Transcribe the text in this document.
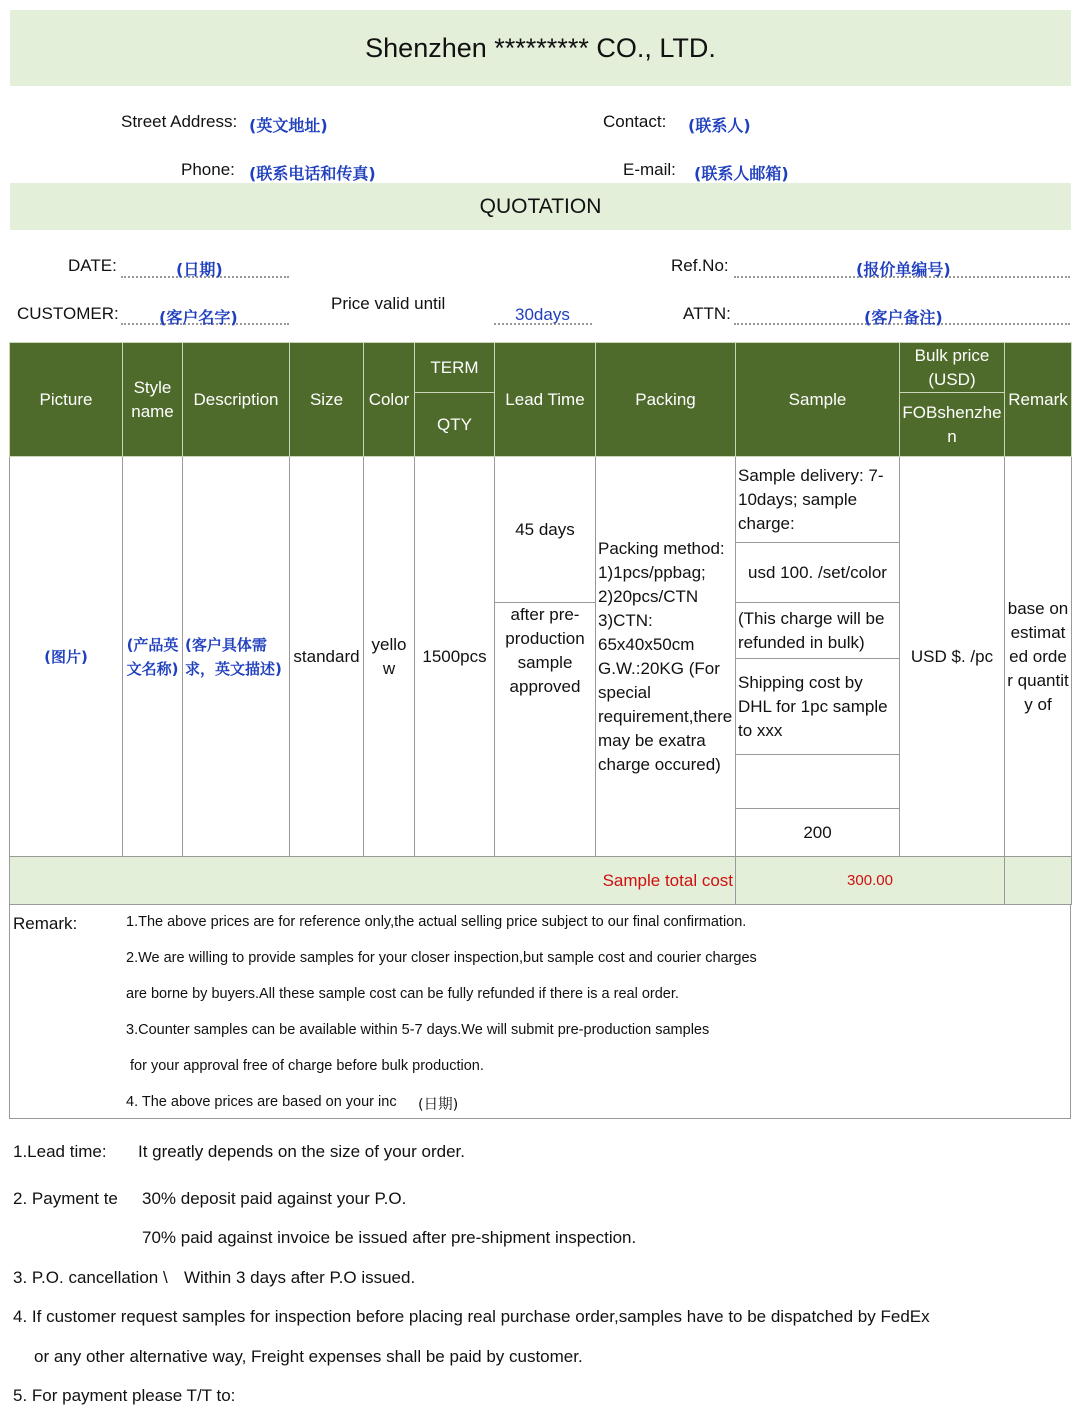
Shenzhen ********* CO., LTD.
Street Address: (英文地址)	Contact: (联系人)
Phone: (联系电话和传真)	E-mail: (联系人邮箱)
QUOTATION
DATE:	(日期)	Ref.No:	(报价单编号)
CUSTOMER:	(客户名字)
Price valid until
30days	ATTN:	(客户备注)
Picture	Style name	Description	Size	Color	TERM	Lead Time	Packing	Sample	Bulk price (USD)	Remark
					QTY				FOBshenzhen	
(图片)	(产品英文名称)	(客户具体需求，英文描述)	standard	yellow	1500pcs	45 days	Packing method: 1)1pcs/ppbag; 2)20pcs/CTN 3)CTN: 65x40x50cm G.W.:20KG (For special requirement,there may be exatra charge occured)	Sample delivery: 7-10days; sample charge:	USD $. /pc	base on estimated order quantity of
								usd 100. /set/color		
						after pre-production sample approved		(This charge will be refunded in bulk)		
								Shipping cost by DHL for 1pc sample to xxx		

								200		
Sample total cost								300.00		
Remark:	1.The above prices are for reference only,the actual selling price subject to our final confirmation.
2.We are willing to provide samples for your closer inspection,but sample cost and courier charges
are borne by buyers.All these sample cost can be fully refunded if there is a real order.
3.Counter samples can be available within 5-7 days.We will submit pre-production samples
for your approval free of charge before bulk production.
4. The above prices are based on your inc (日期)
1.Lead time: It greatly depends on the size of your order.
2. Payment te 30% deposit paid against your P.O.
70% paid against invoice be issued after pre-shipment inspection.
3. P.O. cancellation \ Within 3 days after P.O issued.
4. If customer request samples for inspection before placing real purchase order,samples have to be dispatched by FedEx
or any other alternative way, Freight expenses shall be paid by customer.
5. For payment please T/T to:
